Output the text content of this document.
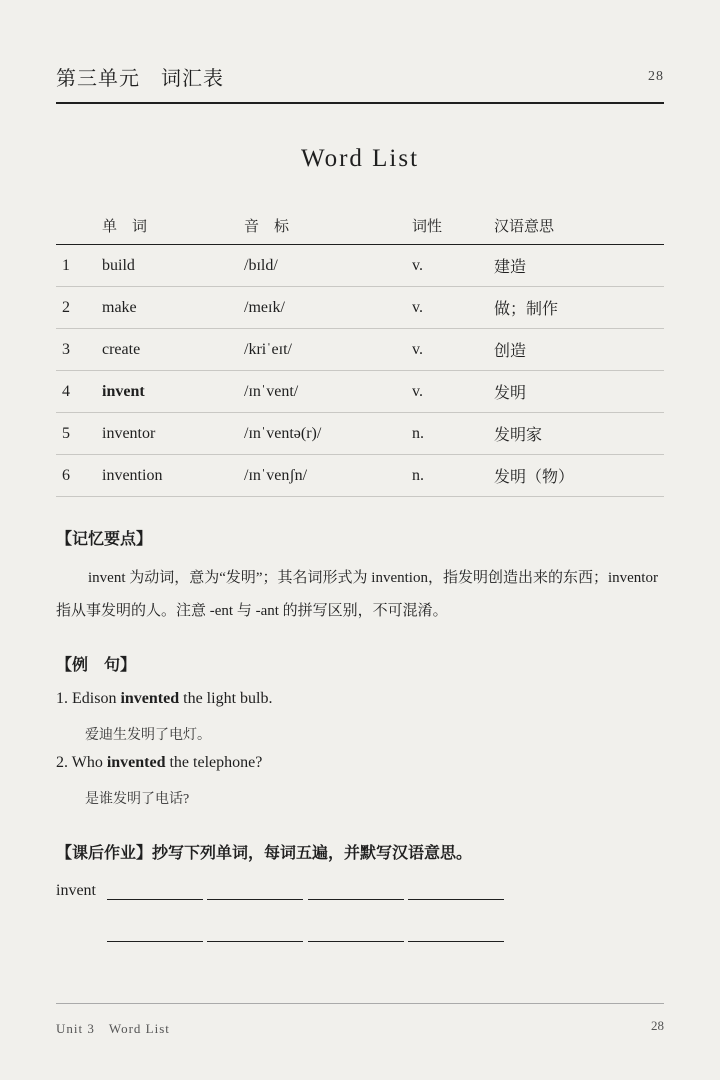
第三单元　词汇表	28
Word List
	单　词	音　标	词性	汉语意思
1	build	/bɪld/	v.	建造
2	make	/meɪk/	v.	做；制作
3	create	/kriˈeɪt/	v.	创造
4	invent	/ɪnˈvent/	v.	发明
5	inventor	/ɪnˈventə(r)/	n.	发明家
6	invention	/ɪnˈvenʃn/	n.	发明（物）
【记忆要点】
invent 为动词，意为“发明”；其名词形式为 invention，指发明创造出来的东西；inventor 指从事发明的人。注意 -ent 与 -ant 的拼写区别，不可混淆。
【例　句】
1. Edison invented the light bulb.
爱迪生发明了电灯。
2. Who invented the telephone?
是谁发明了电话?
【课后作业】抄写下列单词，每词五遍，并默写汉语意思。
invent
Unit 3　Word List	28
